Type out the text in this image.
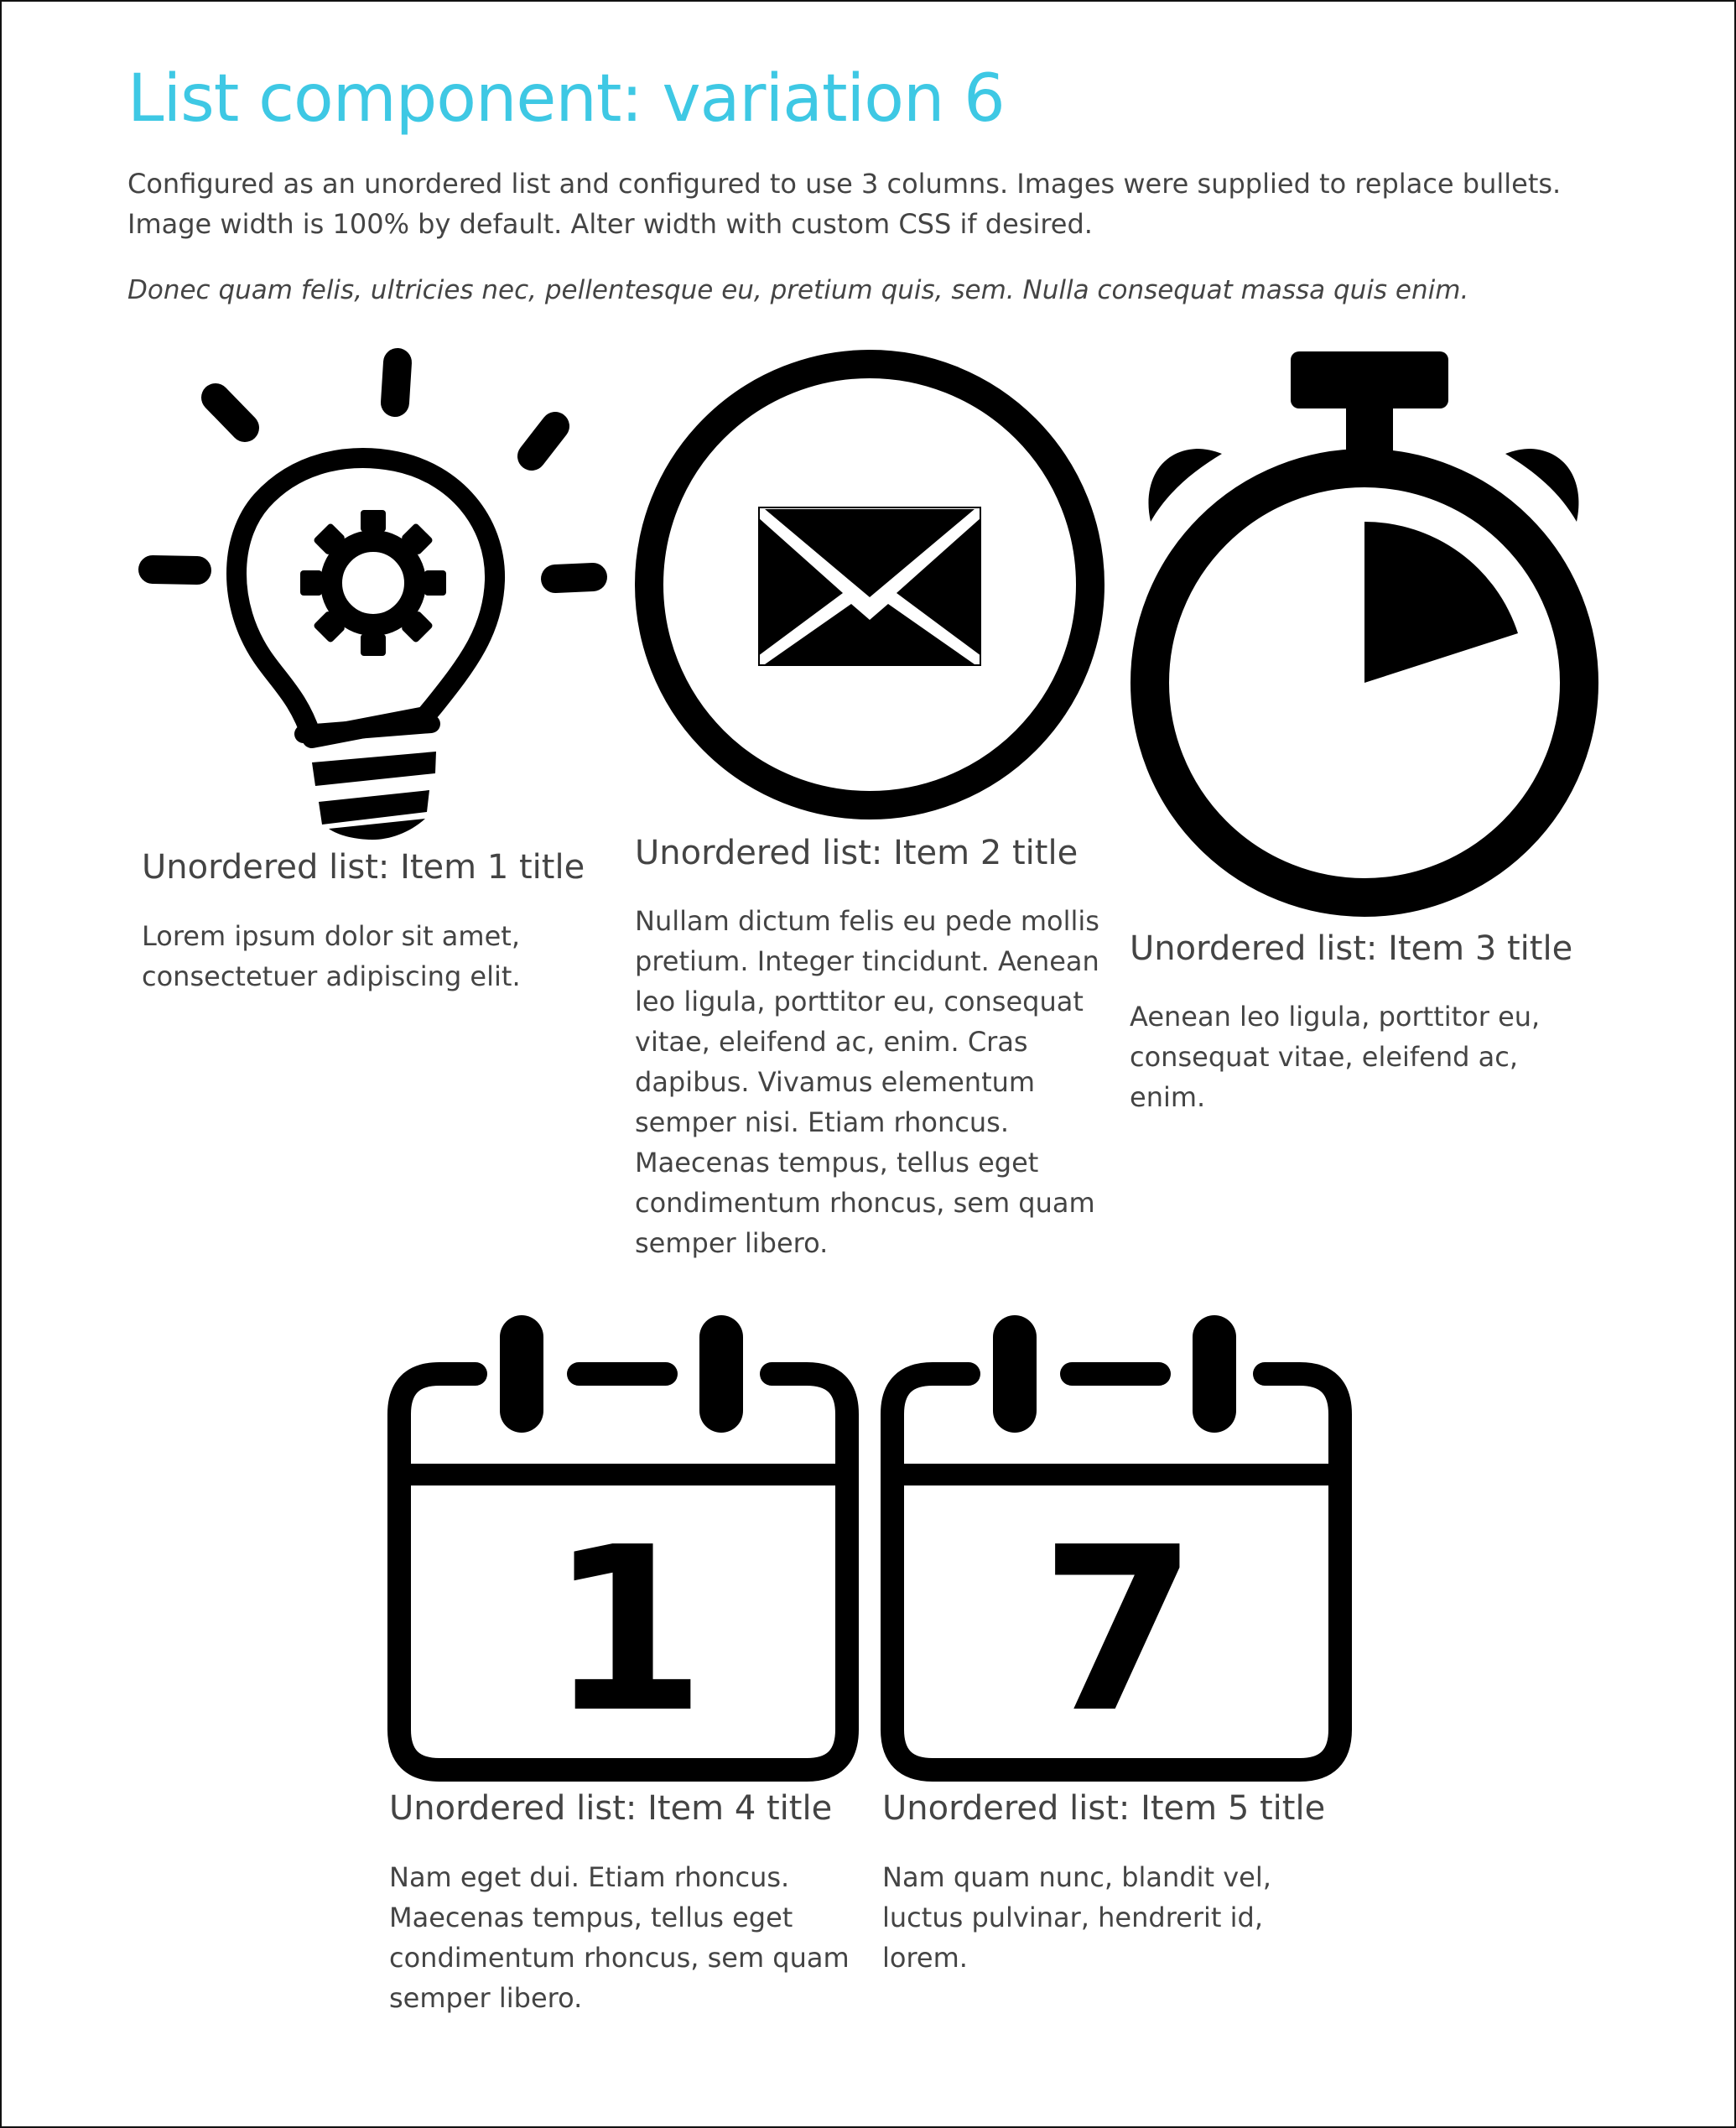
List component: variation 6

Configured as an unordered list and configured to use 3 columns. Images were supplied to replace bullets. Image width is 100% by default. Alter width with custom CSS if desired.

Donec quam felis, ultricies nec, pellentesque eu, pretium quis, sem. Nulla consequat massa quis enim.

Unordered list: Item 1 title
Lorem ipsum dolor sit amet, consectetuer adipiscing elit.
Unordered list: Item 2 title
Nullam dictum felis eu pede mollis pretium. Integer tincidunt. Aenean leo ligula, porttitor eu, consequat vitae, eleifend ac, enim. Cras dapibus. Vivamus elementum semper nisi. Etiam rhoncus. Maecenas tempus, tellus eget condimentum rhoncus, sem quam semper libero.
Unordered list: Item 3 title
Aenean leo ligula, porttitor eu, consequat vitae, eleifend ac, enim.
1
Unordered list: Item 4 title
Nam eget dui. Etiam rhoncus. Maecenas tempus, tellus eget condimentum rhoncus, sem quam semper libero.
7
Unordered list: Item 5 title
Nam quam nunc, blandit vel, luctus pulvinar, hendrerit id, lorem.
